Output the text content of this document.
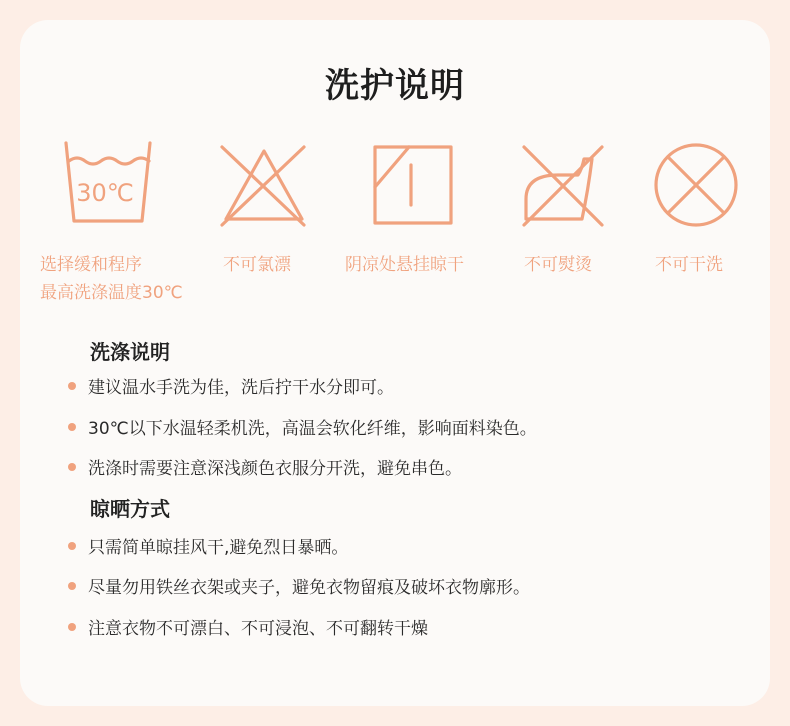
洗护说明
30℃
选择缓和程序
最高洗涤温度30℃
不可氯漂	阴凉处悬挂晾干	不可熨烫	不可干洗
洗涤说明
建议温水手洗为佳，洗后拧干水分即可。
30℃以下水温轻柔机洗，高温会软化纤维，影响面料染色。
洗涤时需要注意深浅颜色衣服分开洗，避免串色。
晾晒方式
只需简单晾挂风干,避免烈日暴晒。
尽量勿用铁丝衣架或夹子，避免衣物留痕及破坏衣物廓形。
注意衣物不可漂白、不可浸泡、不可翻转干燥
